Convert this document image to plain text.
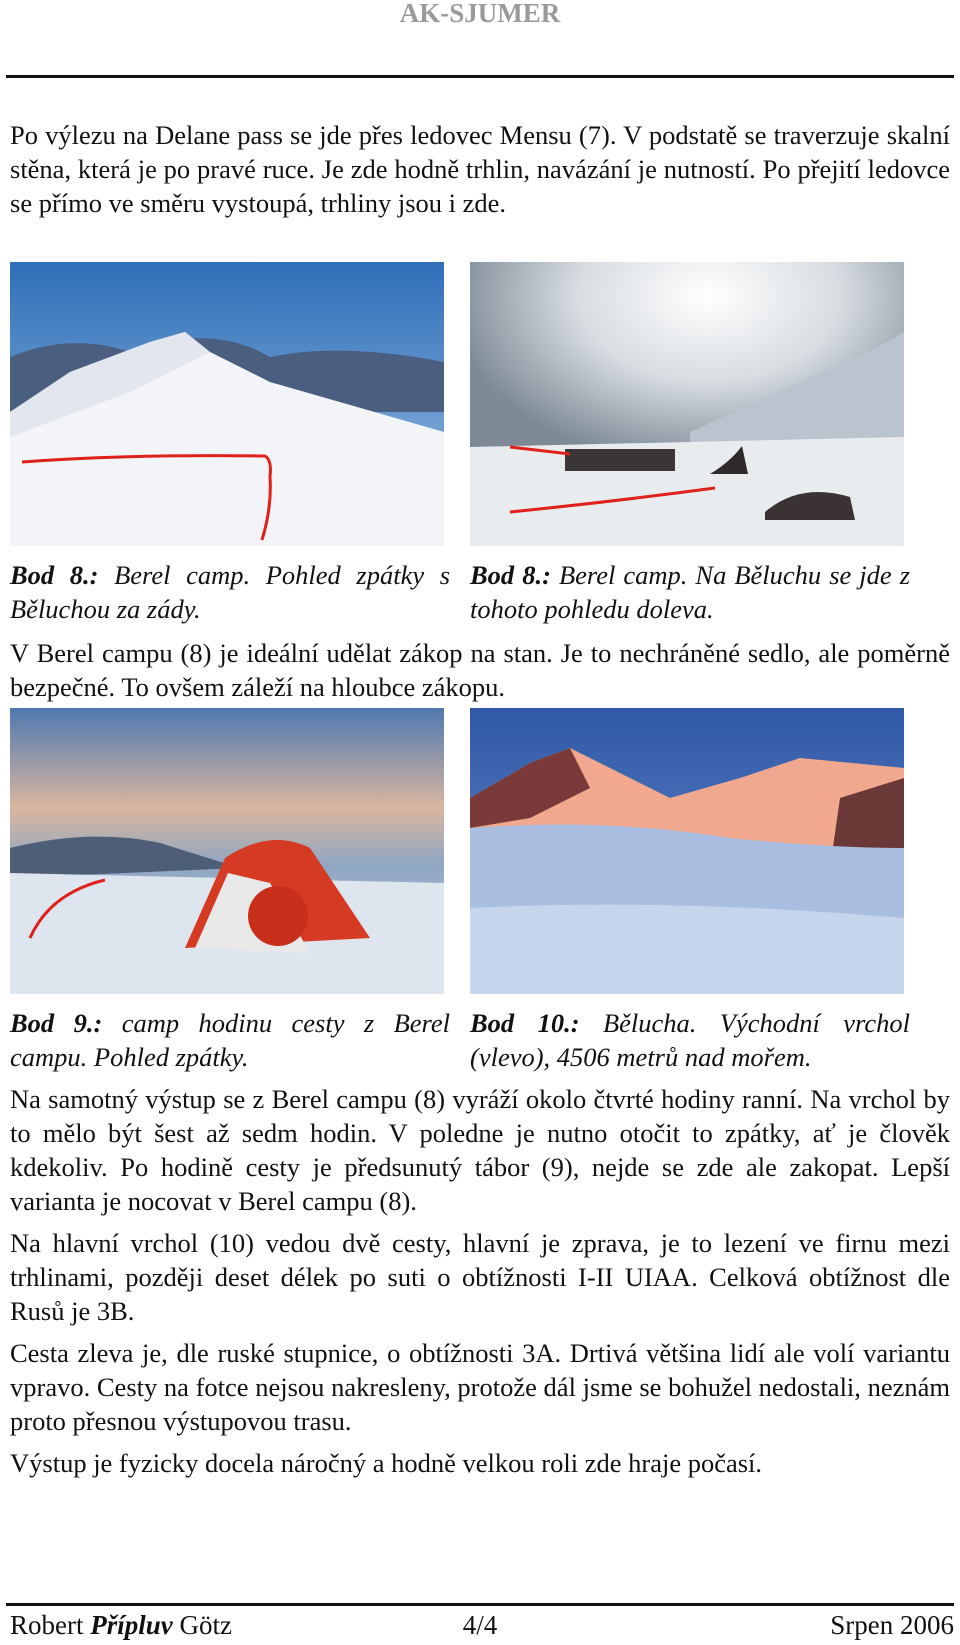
AK-SJUMER

Po výlezu na Delane pass se jde přes ledovec Mensu (7). V podstatě se traverzuje skalní stěna, která je po pravé ruce. Je zde hodně trhlin, navázání je nutností. Po přejití ledovce se přímo ve směru vystoupá, trhliny jsou i zde.

Bod 8.: Berel camp. Pohled zpátky s Běluchou za zády.
Bod 8.: Berel camp. Na Běluchu se jde z tohoto pohledu doleva.

V Berel campu (8) je ideální udělat zákop na stan. Je to nechráněné sedlo, ale poměrně bezpečné. To ovšem záleží na hloubce zákopu.

Bod 9.: camp hodinu cesty z Berel campu. Pohled zpátky.
Bod 10.: Bělucha. Východní vrchol (vlevo), 4506 metrů nad mořem.

Na samotný výstup se z Berel campu (8) vyráží okolo čtvrté hodiny ranní. Na vrchol by to mělo být šest až sedm hodin. V poledne je nutno otočit to zpátky, ať je člověk kdekoliv. Po hodině cesty je předsunutý tábor (9), nejde se zde ale zakopat. Lepší varianta je nocovat v Berel campu (8).

Na hlavní vrchol (10) vedou dvě cesty, hlavní je zprava, je to lezení ve firnu mezi trhlinami, později deset délek po suti o obtížnosti I-II UIAA. Celková obtížnost dle Rusů je 3B.

Cesta zleva je, dle ruské stupnice, o obtížnosti 3A. Drtivá většina lidí ale volí variantu vpravo. Cesty na fotce nejsou nakresleny, protože dál jsme se bohužel nedostali, neznám proto přesnou výstupovou trasu.

Výstup je fyzicky docela náročný a hodně velkou roli zde hraje počasí.

4/4
Robert Přípluv Götz	Srpen 2006
